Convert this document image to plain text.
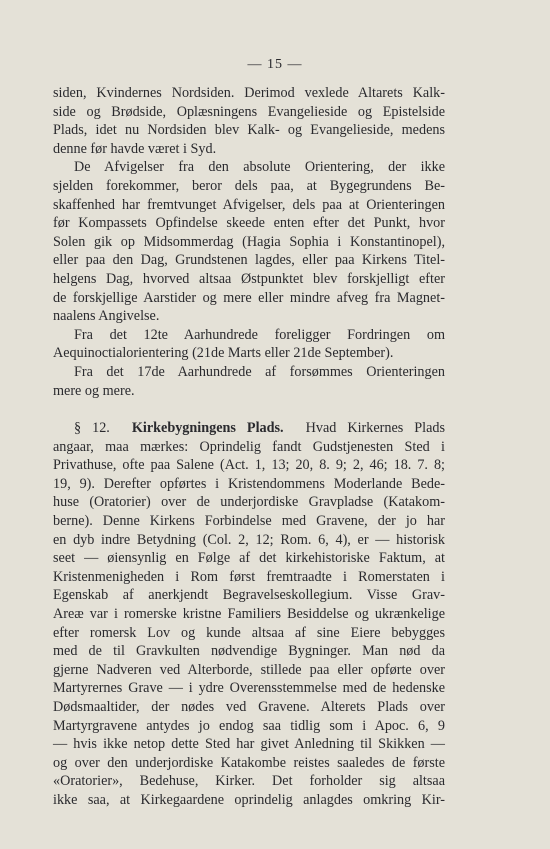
— 15 —
siden, Kvindernes Nordsiden. Derimod vexlede Altarets Kalk-
side og Brødside, Oplæsningens Evangelieside og Epistelside
Plads, idet nu Nordsiden blev Kalk- og Evangelieside, medens
denne før havde været i Syd.
De Afvigelser fra den absolute Orientering, der ikke
sjelden forekommer, beror dels paa, at Bygegrundens Be-
skaffenhed har fremtvunget Afvigelser, dels paa at Orienteringen
før Kompassets Opfindelse skeede enten efter det Punkt, hvor
Solen gik op Midsommerdag (Hagia Sophia i Konstantinopel),
eller paa den Dag, Grundstenen lagdes, eller paa Kirkens Titel-
helgens Dag, hvorved altsaa Østpunktet blev forskjelligt efter
de forskjellige Aarstider og mere eller mindre afveg fra Magnet-
naalens Angivelse.
Fra det 12te Aarhundrede foreligger Fordringen om
Aequinoctialorientering (21de Marts eller 21de September).
Fra det 17de Aarhundrede af forsømmes Orienteringen
mere og mere.
§ 12. Kirkebygningens Plads. Hvad Kirkernes Plads
angaar, maa mærkes: Oprindelig fandt Gudstjenesten Sted i
Privathuse, ofte paa Salene (Act. 1, 13; 20, 8. 9; 2, 46; 18. 7. 8;
19, 9). Derefter opførtes i Kristendommens Moderlande Bede-
huse (Oratorier) over de underjordiske Gravpladse (Katakom-
berne). Denne Kirkens Forbindelse med Gravene, der jo har
en dyb indre Betydning (Col. 2, 12; Rom. 6, 4), er — historisk
seet — øiensynlig en Følge af det kirkehistoriske Faktum, at
Kristenmenigheden i Rom først fremtraadte i Romerstaten i
Egenskab af anerkjendt Begravelseskollegium. Visse Grav-
Areæ var i romerske kristne Familiers Besiddelse og ukrænkelige
efter romersk Lov og kunde altsaa af sine Eiere bebygges
med de til Gravkulten nødvendige Bygninger. Man nød da
gjerne Nadveren ved Alterborde, stillede paa eller opførte over
Martyrernes Grave — i ydre Overensstemmelse med de hedenske
Dødsmaaltider, der nødes ved Gravene. Alterets Plads over
Martyrgravene antydes jo endog saa tidlig som i Apoc. 6, 9
— hvis ikke netop dette Sted har givet Anledning til Skikken —
og over den underjordiske Katakombe reistes saaledes de første
«Oratorier», Bedehuse, Kirker. Det forholder sig altsaa
ikke saa, at Kirkegaardene oprindelig anlagdes omkring Kir-
